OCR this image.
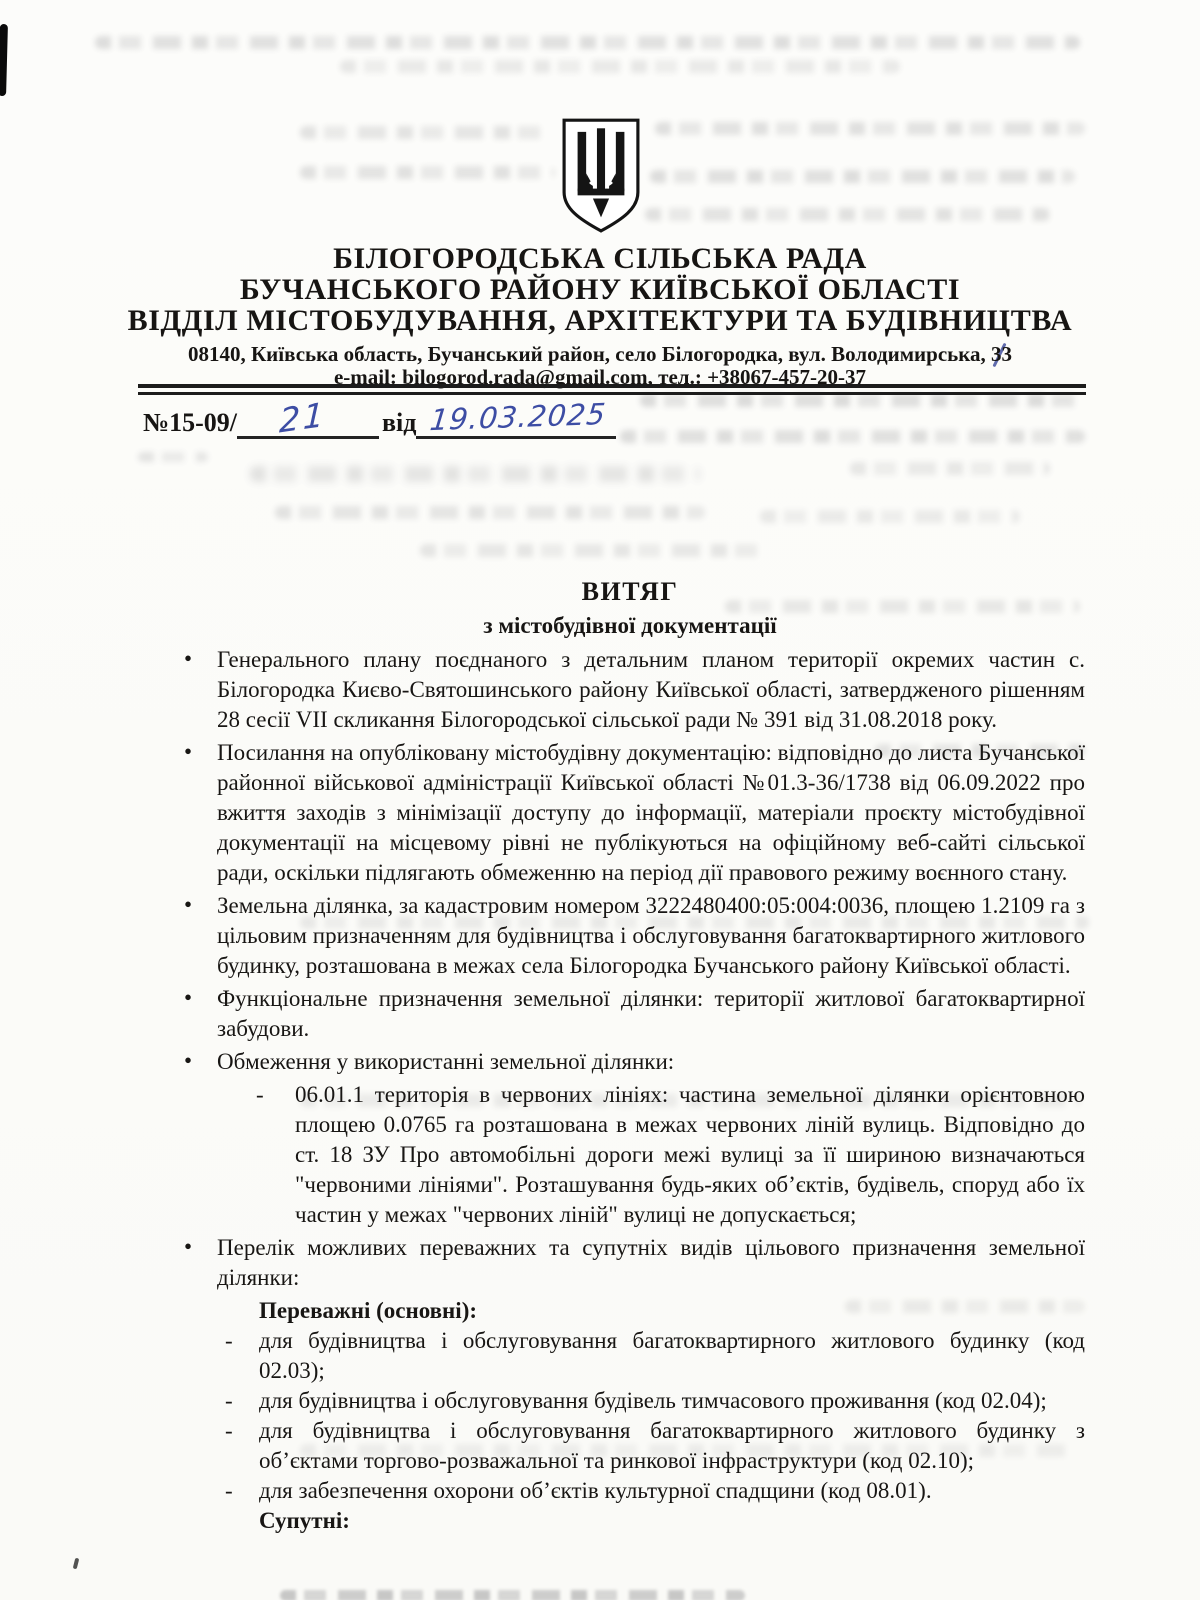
БІЛОГОРОДСЬКА СІЛЬСЬКА РАДА
БУЧАНСЬКОГО РАЙОНУ КИЇВСЬКОЇ ОБЛАСТІ
ВІДДІЛ МІСТОБУДУВАННЯ, АРХІТЕКТУРИ ТА БУДІВНИЦТВА
08140, Київська область, Бучанський район, село Білогородка, вул. Володимирська, 33
e-mail: bilogorod.rada@gmail.com, тел.: +38067-457-20-37
№15-09/ 21 від 19.03.2025
ВИТЯГ
з містобудівної документації
• Генерального плану поєднаного з детальним планом території окремих частин с. Білогородка Києво-Святошинського району Київської області, затвердженого рішенням 28 сесії VII скликання Білогородської сільської ради № 391 від 31.08.2018 року.
• Посилання на опубліковану містобудівну документацію: відповідно до листа Бучанської районної військової адміністрації Київської області №01.3-36/1738 від 06.09.2022 про вжиття заходів з мінімізації доступу до інформації, матеріали проєкту містобудівної документації на місцевому рівні не публікуються на офіційному веб-сайті сільської ради, оскільки підлягають обмеженню на період дії правового режиму воєнного стану.
• Земельна ділянка, за кадастровим номером 3222480400:05:004:0036, площею 1.2109 га з цільовим призначенням для будівництва і обслуговування багатоквартирного житлового будинку, розташована в межах села Білогородка Бучанського району Київської області.
• Функціональне призначення земельної ділянки: території житлової багатоквартирної забудови.
• Обмеження у використанні земельної ділянки:
- 06.01.1 територія в червоних лініях: частина земельної ділянки орієнтовною площею 0.0765 га розташована в межах червоних ліній вулиць. Відповідно до ст. 18 ЗУ Про автомобільні дороги межі вулиці за її шириною визначаються "червоними лініями". Розташування будь-яких об’єктів, будівель, споруд або їх частин у межах "червоних ліній" вулиці не допускається;
• Перелік можливих переважних та супутніх видів цільового призначення земельної ділянки:
Переважні (основні):
- для будівництва і обслуговування багатоквартирного житлового будинку (код 02.03);
- для будівництва і обслуговування будівель тимчасового проживання (код 02.04);
- для будівництва і обслуговування багатоквартирного житлового будинку з об’єктами торгово-розважальної та ринкової інфраструктури (код 02.10);
- для забезпечення охорони об’єктів культурної спадщини (код 08.01).
Супутні:
